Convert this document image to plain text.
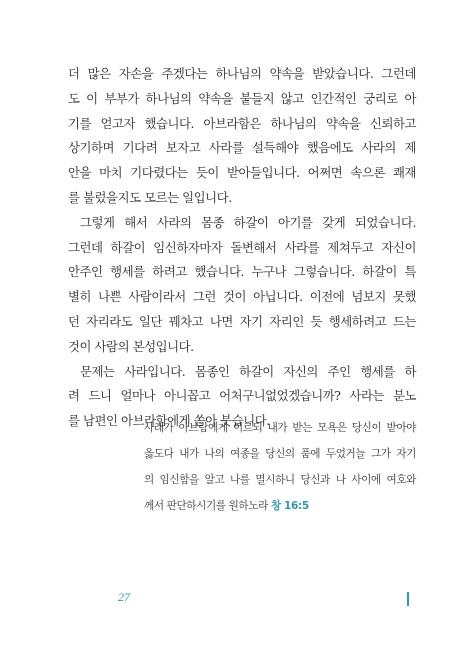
더 많은 자손을 주겠다는 하나님의 약속을 받았습니다. 그런데
도 이 부부가 하나님의 약속을 붙들지 않고 인간적인 궁리로 아
기를 얻고자 했습니다. 아브라함은 하나님의 약속을 신뢰하고
상기하며 기다려 보자고 사라를 설득해야 했음에도 사라의 제
안을 마치 기다렸다는 듯이 받아들입니다. 어쩌면 속으론 쾌재
를 불렀을지도 모르는 일입니다.
그렇게 해서 사라의 몸종 하갈이 아기를 갖게 되었습니다.
그런데 하갈이 임신하자마자 돌변해서 사라를 제쳐두고 자신이
안주인 행세를 하려고 했습니다. 누구나 그렇습니다. 하갈이 특
별히 나쁜 사람이라서 그런 것이 아닙니다. 이전에 넘보지 못했
던 자리라도 일단 꿰차고 나면 자기 자리인 듯 행세하려고 드는
것이 사람의 본성입니다.
문제는 사라입니다. 몸종인 하갈이 자신의 주인 행세를 하
려 드니 얼마나 아니꼽고 어처구니없었겠습니까? 사라는 분노
를 남편인 아브라함에게 쏟아 붓습니다.
사래가 아브람에게 이르되 내가 받는 모욕은 당신이 받아야
옳도다 내가 나의 여종을 당신의 품에 두었거늘 그가 자기
의 임신함을 알고 나를 멸시하니 당신과 나 사이에 여호와
께서 판단하시기를 원하노라 창 16:5
27
